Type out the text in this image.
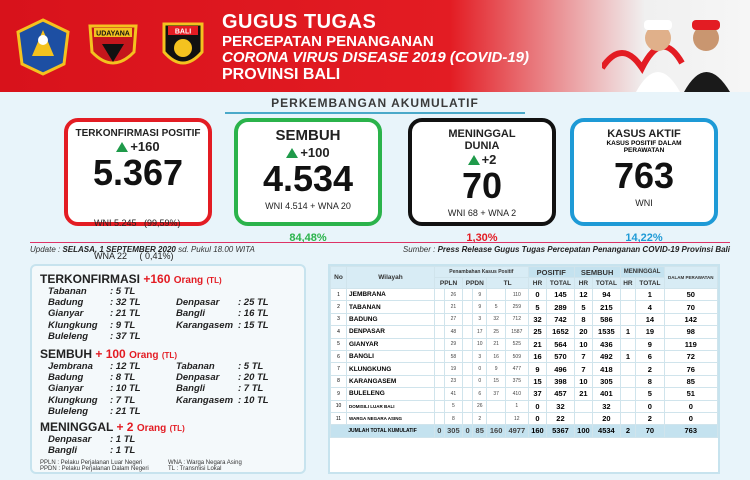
UDAYANA	BALI GUGUS TUGAS
PERCEPATAN PENANGANAN
CORONA VIRUS DISEASE 2019 (COVID-19)
PROVINSI BALI
PERKEMBANGAN AKUMULATIF
TERKONFIRMASI POSITIF
+160
5.367

WNI 5.245   (99,59%)

WNA 22     ( 0,41%)

SEMBUH
+100
4.534
WNI 4.514 + WNA 20
84,48%
MENINGGAL DUNIA
+2
70
WNI 68 + WNA 2
1,30%
KASUS AKTIF
KASUS POSITIF DALAM PERAWATAN
763
WNI
14,22%
Update : SELASA, 1 SEPTEMBER 2020 sd. Pukul 18.00 WITA	Sumber : Press Release Gugus Tugas Percepatan Penanganan COVID-19 Provinsi Bali
TERKONFIRMASI +160 Orang (TL)
Tabanan	: 5 TL
Badung	: 32 TL
Gianyar	: 21 TL
Klungkung	: 9 TL
Buleleng	: 37 TL

Denpasar	: 25 TL
Bangli	: 16 TL
Karangasem : 15 TL

SEMBUH + 100 Orang (TL)
Jembrana	: 12 TL
Badung	: 8 TL
Gianyar	: 10 TL
Klungkung	: 7 TL
Buleleng	: 21 TL
Tabanan	: 5 TL
Denpasar	: 20 TL
Bangli	: 7 TL
Karangasem : 10 TL

MENINGGAL + 2 Orang (TL)
Denpasar	: 1 TL
Bangli	: 1 TL
PPLN : Pelaku Perjalanan Luar Negeri	WNA : Warga Negara Asing
PPDN : Pelaku Perjalanan Dalam Negeri	TL : Transmisi Lokal
No	Wilayah	Penambahan Kasus Positif						POSITIF		SEMBUH		MENINGGAL		DALAM PERAWATAN
		PPLN		PPDN		TL		HR	TOTAL	HR	TOTAL	HR	TOTAL	
1	JEMBRANA		26		9		110	0	145	12	94		1	50
2	TABANAN		21		9	5	259	5	289	5	215		4	70
3	BADUNG		27		3	32	712	32	742	8	586		14	142
4	DENPASAR		48		17	25	1587	25	1652	20	1535	1	19	98
5	GIANYAR		29		10	21	525	21	564	10	436		9	119
6	BANGLI		58		3	16	509	16	570	7	492	1	6	72
7	KLUNGKUNG		19		0	9	477	9	496	7	418		2	76
8	KARANGASEM		23		0	15	375	15	398	10	305		8	85
9	BULELENG		41		6	37	410	37	457	21	401		5	51
10	DOMISILI LUAR BALI		5		26		1	0	32		32		0	0
11	WARGA NEGARA ASING		8		2		12	0	22		20		2	0
JUMLAH TOTAL KUMULATIF		0	305	0	85	160	4977	160	5367	100	4534	2	70	763
